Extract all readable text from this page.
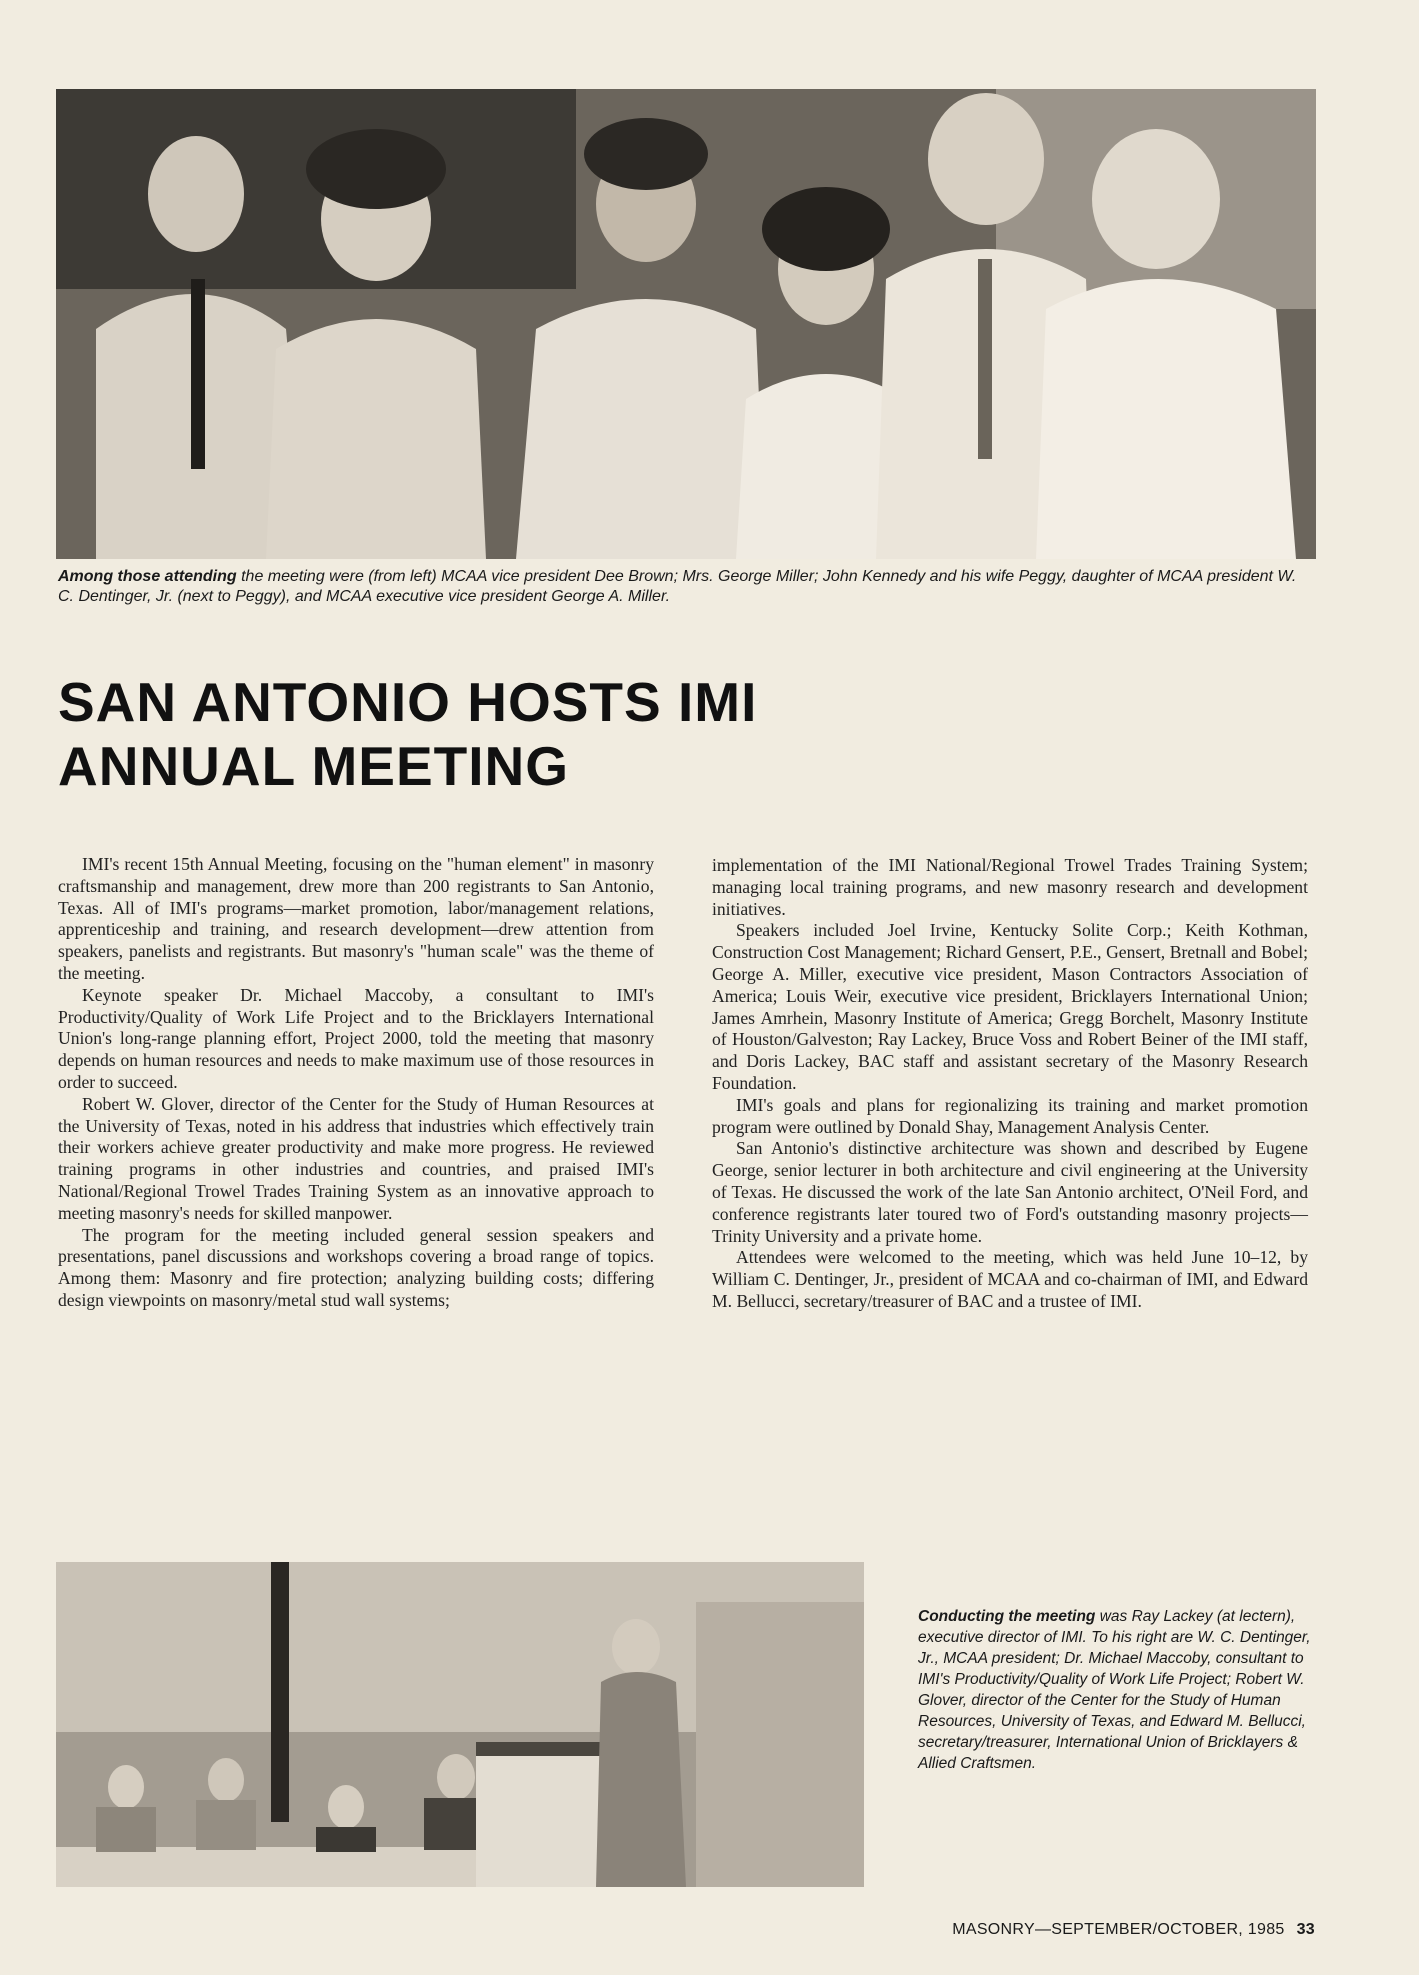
Among those attending the meeting were (from left) MCAA vice president Dee Brown; Mrs. George Miller; John Kennedy and his wife Peggy, daughter of MCAA president W. C. Dentinger, Jr. (next to Peggy), and MCAA executive vice president George A. Miller.
SAN ANTONIO HOSTS IMI
ANNUAL MEETING

IMI's recent 15th Annual Meeting, focusing on the "human element" in masonry craftsmanship and management, drew more than 200 registrants to San Antonio, Texas. All of IMI's programs—market promotion, labor/management relations, apprenticeship and training, and research development—drew attention from speakers, panelists and registrants. But masonry's "human scale" was the theme of the meeting.

Keynote speaker Dr. Michael Maccoby, a consultant to IMI's Productivity/Quality of Work Life Project and to the Bricklayers International Union's long-range planning effort, Project 2000, told the meeting that masonry depends on human resources and needs to make maximum use of those resources in order to succeed.

Robert W. Glover, director of the Center for the Study of Human Resources at the University of Texas, noted in his address that industries which effectively train their workers achieve greater productivity and make more progress. He reviewed training programs in other industries and countries, and praised IMI's National/Regional Trowel Trades Training System as an innovative approach to meeting masonry's needs for skilled manpower.

The program for the meeting included general session speakers and presentations, panel discussions and workshops covering a broad range of topics. Among them: Masonry and fire protection; analyzing building costs; differing design viewpoints on masonry/metal stud wall systems;

implementation of the IMI National/Regional Trowel Trades Training System; managing local training programs, and new masonry research and development initiatives.

Speakers included Joel Irvine, Kentucky Solite Corp.; Keith Kothman, Construction Cost Management; Richard Gensert, P.E., Gensert, Bretnall and Bobel; George A. Miller, executive vice president, Mason Contractors Association of America; Louis Weir, executive vice president, Bricklayers International Union; James Amrhein, Masonry Institute of America; Gregg Borchelt, Masonry Institute of Houston/Galveston; Ray Lackey, Bruce Voss and Robert Beiner of the IMI staff, and Doris Lackey, BAC staff and assistant secretary of the Masonry Research Foundation.

IMI's goals and plans for regionalizing its training and market promotion program were outlined by Donald Shay, Management Analysis Center.

San Antonio's distinctive architecture was shown and described by Eugene George, senior lecturer in both architecture and civil engineering at the University of Texas. He discussed the work of the late San Antonio architect, O'Neil Ford, and conference registrants later toured two of Ford's outstanding masonry projects—Trinity University and a private home.

Attendees were welcomed to the meeting, which was held June 10–12, by William C. Dentinger, Jr., president of MCAA and co-chairman of IMI, and Edward M. Bellucci, secretary/treasurer of BAC and a trustee of IMI.

Conducting the meeting was Ray Lackey (at lectern), executive director of IMI. To his right are W. C. Dentinger, Jr., MCAA president; Dr. Michael Maccoby, consultant to IMI's Productivity/Quality of Work Life Project; Robert W. Glover, director of the Center for the Study of Human Resources, University of Texas, and Edward M. Bellucci, secretary/treasurer, International Union of Bricklayers & Allied Craftsmen.
MASONRY—SEPTEMBER/OCTOBER, 1985 33
